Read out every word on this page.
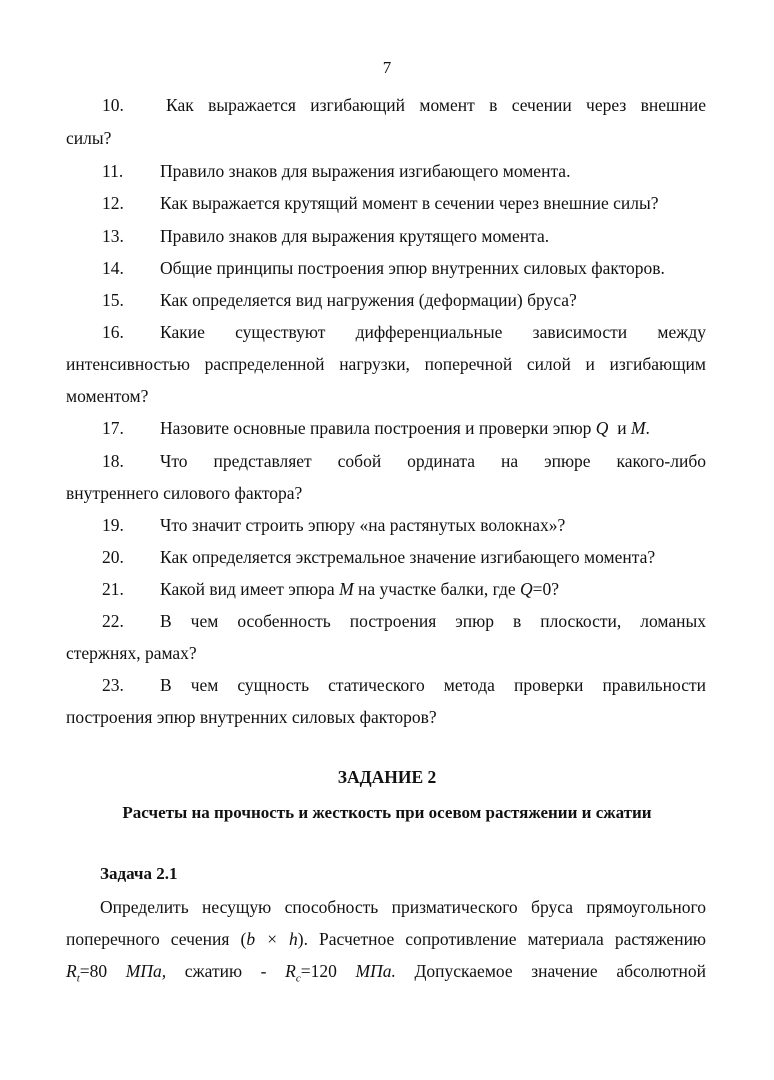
7
10. Как выражается изгибающий момент в сечении через внешние
силы?
11. Правило знаков для выражения изгибающего момента.
12. Как выражается крутящий момент в сечении через внешние силы?
13. Правило знаков для выражения крутящего момента.
14. Общие принципы построения эпюр внутренних силовых факторов.
15. Как определяется вид нагружения (деформации) бруса?
16. Какие существуют дифференциальные зависимости между
интенсивностью распределенной нагрузки, поперечной силой и изгибающим
моментом?
17. Назовите основные правила построения и проверки эпюр Q  и M.
18. Что представляет собой ордината на эпюре какого-либо
внутреннего силового фактора?
19. Что значит строить эпюру «на растянутых волокнах»?
20. Как определяется экстремальное значение изгибающего момента?
21. Какой вид имеет эпюра M на участке балки, где Q=0?
22. В чем особенность построения эпюр в плоскости, ломаных
стержнях, рамах?
23. В чем сущность статического метода проверки правильности
построения эпюр внутренних силовых факторов?
ЗАДАНИЕ 2
Расчеты на прочность и жесткость при осевом растяжении и сжатии
Задача 2.1
Определить несущую способность призматического бруса прямоугольного
поперечного сечения (b × h). Расчетное сопротивление материала растяжению
$R_t=80$ МПа, сжатию - $R_c=120$ МПа. Допускаемое значение абсолютной
